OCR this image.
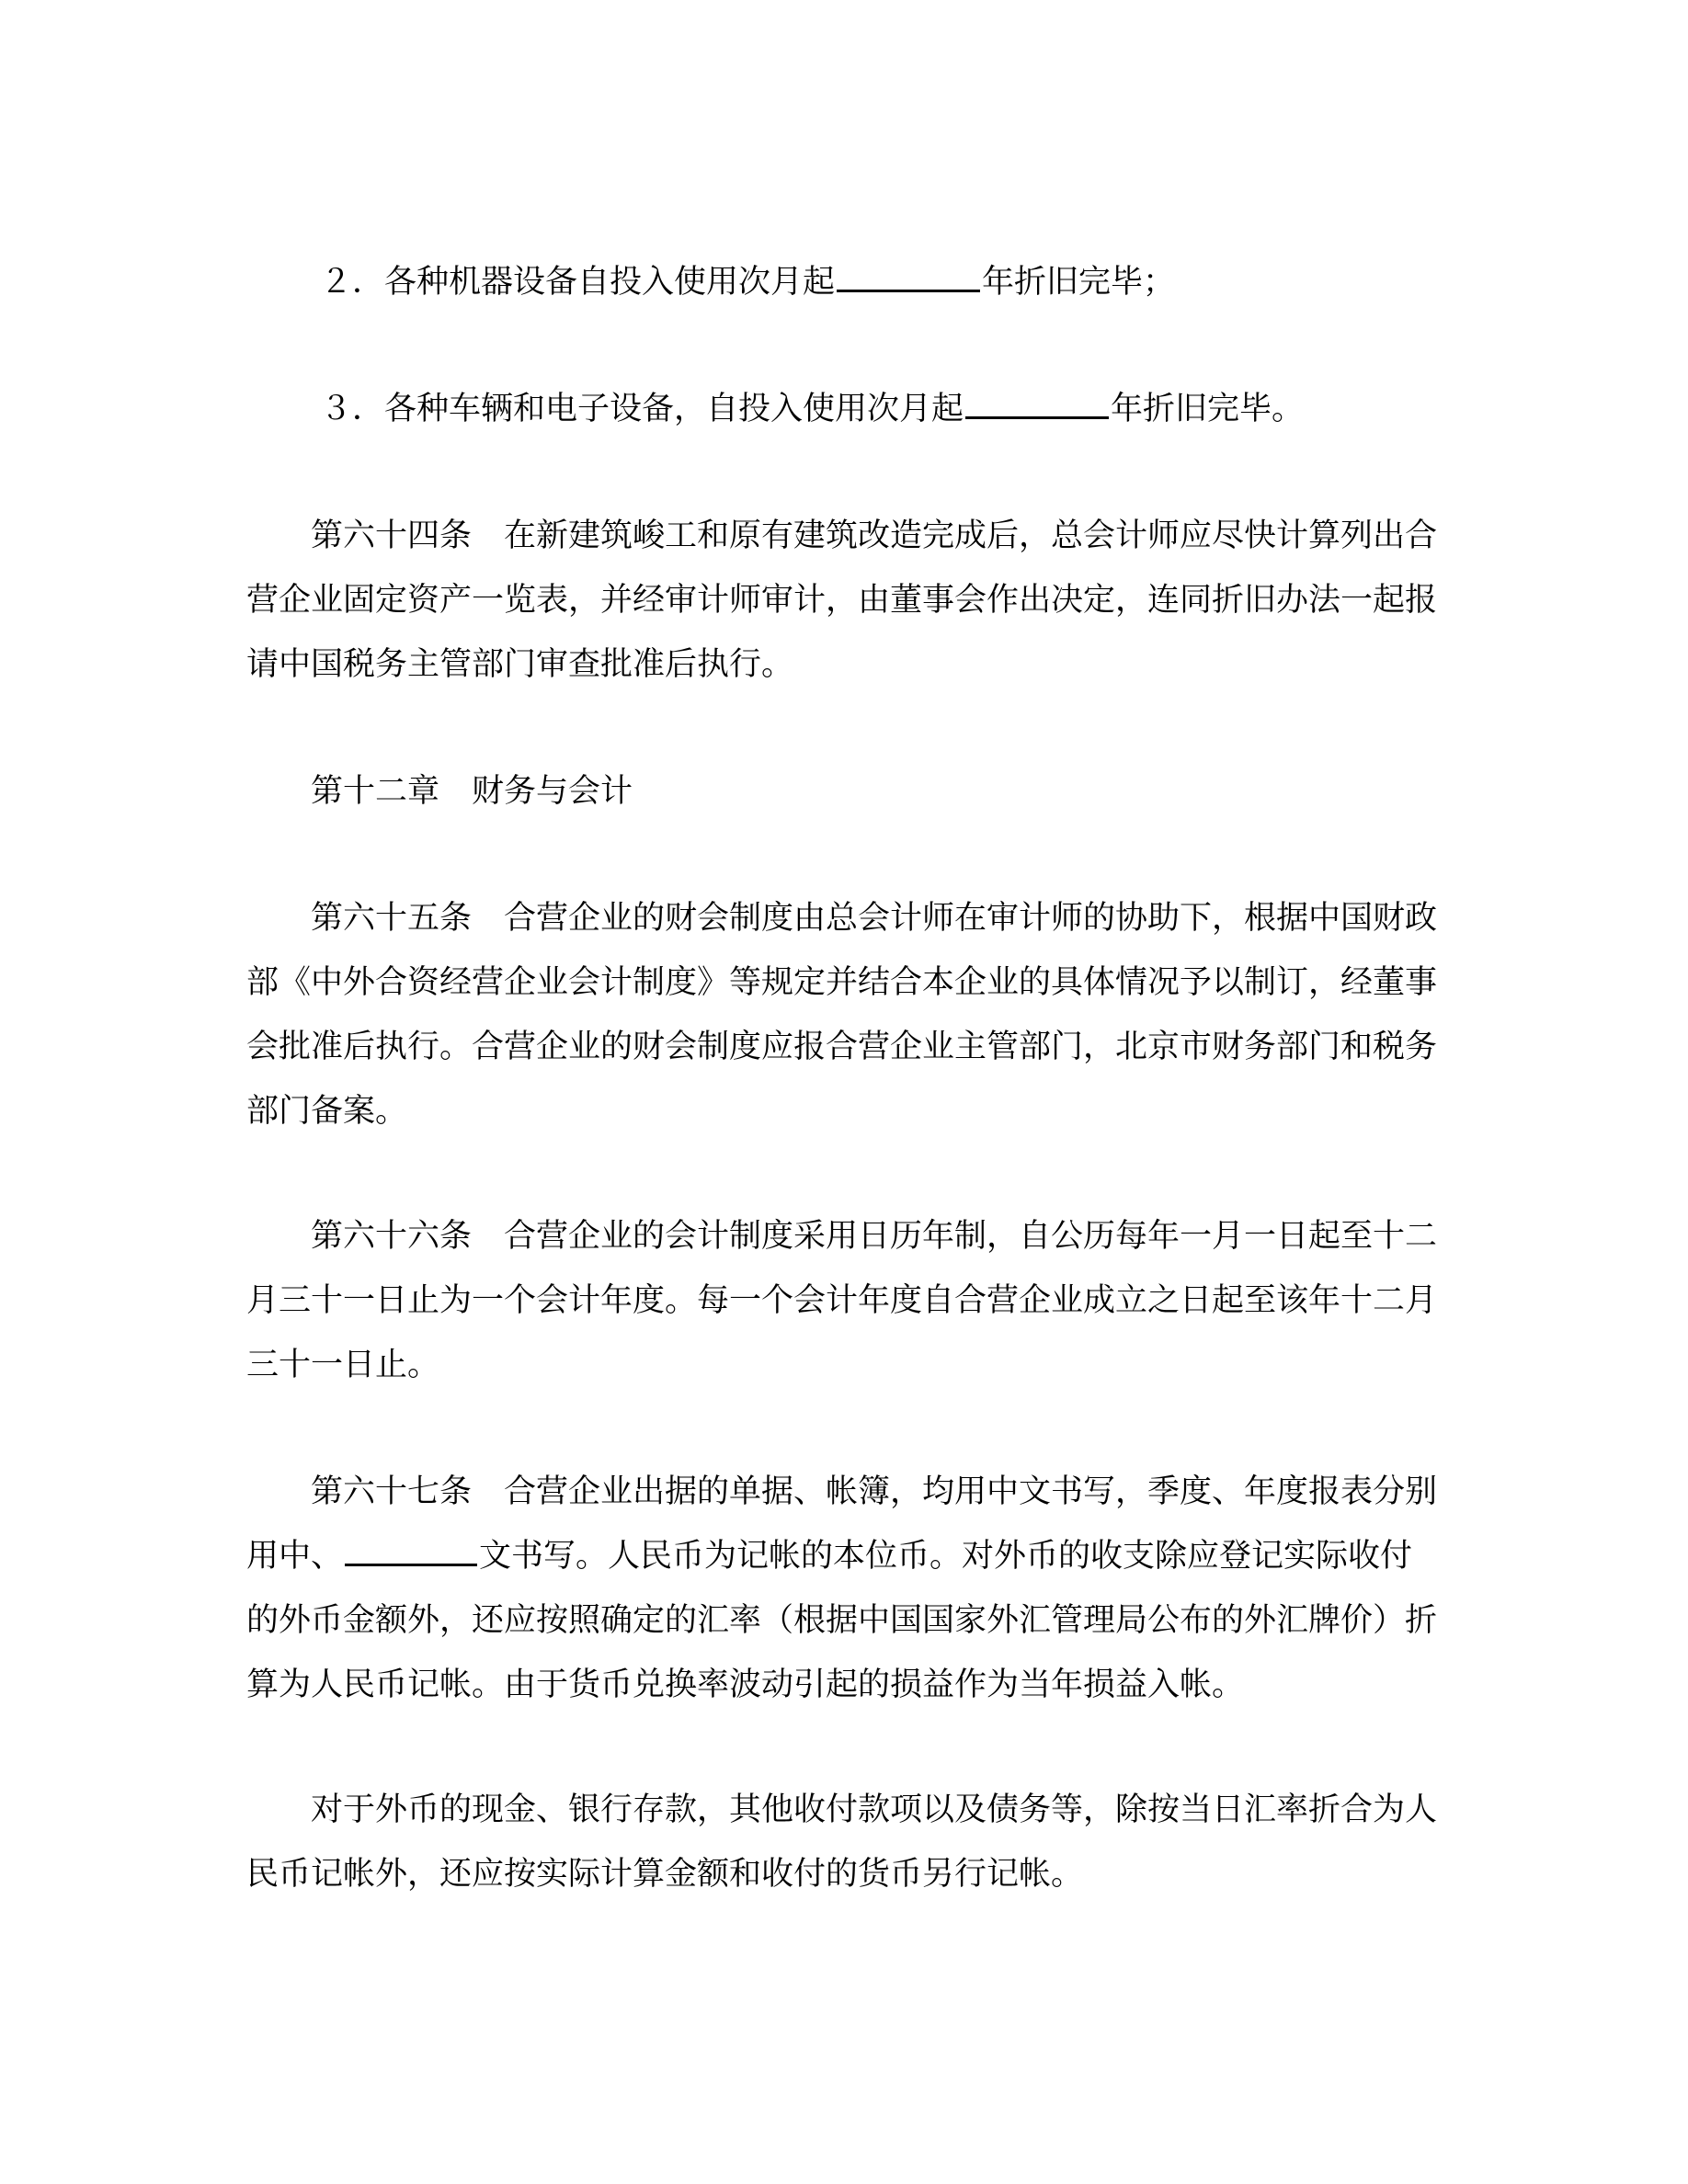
２．各种机器设备自投入使用次月起	年折旧完毕；

３．各种车辆和电子设备，自投入使用次月起	年折旧完毕。

第六十四条　在新建筑峻工和原有建筑改造完成后，总会计师应尽快计算列出合营企业固定资产一览表，并经审计师审计，由董事会作出决定，连同折旧办法一起报请中国税务主管部门审查批准后执行。

第十二章　财务与会计

第六十五条　合营企业的财会制度由总会计师在审计师的协助下，根据中国财政部《中外合资经营企业会计制度》等规定并结合本企业的具体情况予以制订，经董事会批准后执行。合营企业的财会制度应报合营企业主管部门，北京市财务部门和税务部门备案。

第六十六条　合营企业的会计制度采用日历年制，自公历每年一月一日起至十二月三十一日止为一个会计年度。每一个会计年度自合营企业成立之日起至该年十二月三十一日止。

第六十七条　合营企业出据的单据、帐簿，均用中文书写，季度、年度报表分别用中、	文书写。人民币为记帐的本位币。对外币的收支除应登记实际收付的外币金额外，还应按照确定的汇率（根据中国国家外汇管理局公布的外汇牌价）折算为人民币记帐。由于货币兑换率波动引起的损益作为当年损益入帐。

对于外币的现金、银行存款，其他收付款项以及债务等，除按当日汇率折合为人民币记帐外，还应按实际计算金额和收付的货币另行记帐。
